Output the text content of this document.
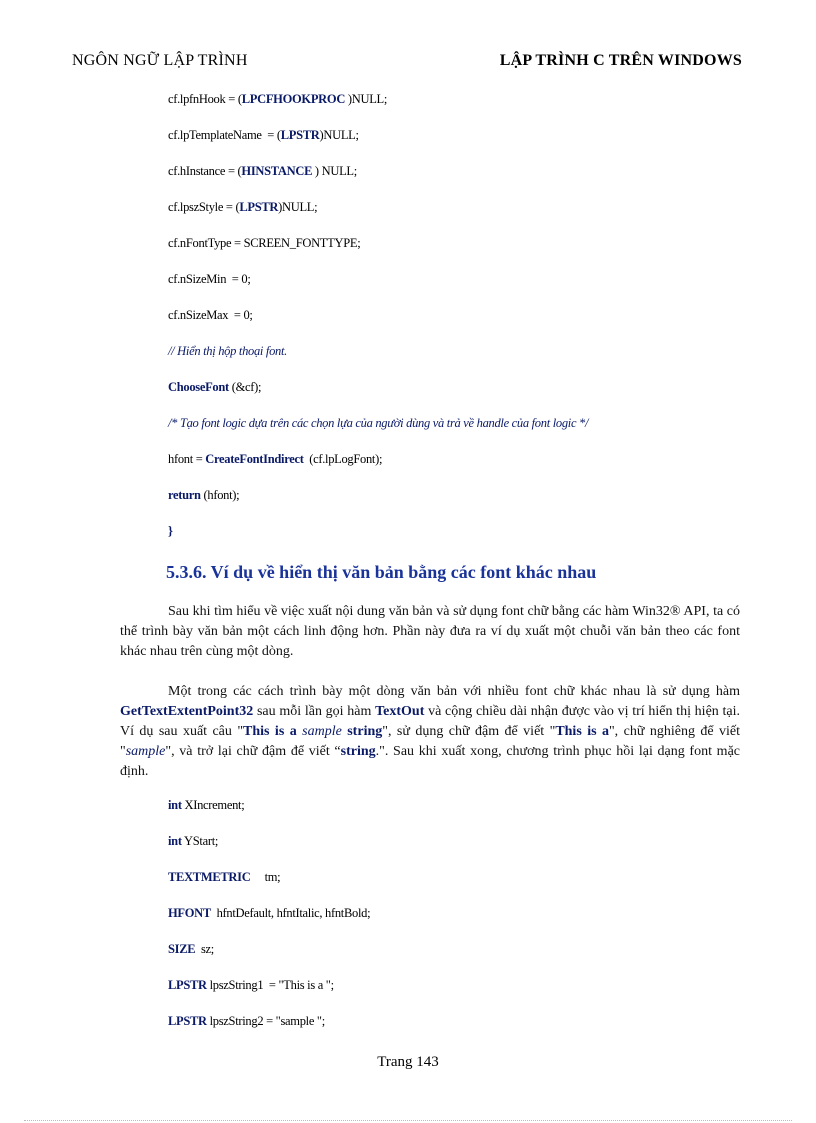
NGÔN NGỮ LẬP TRÌNH	LẬP TRÌNH C TRÊN WINDOWS
cf.lpfnHook = (LPCFHOOKPROC )NULL;
cf.lpTemplateName  = (LPSTR)NULL;
cf.hInstance = (HINSTANCE ) NULL;
cf.lpszStyle = (LPSTR)NULL;
cf.nFontType = SCREEN_FONTTYPE;
cf.nSizeMin  = 0;
cf.nSizeMax  = 0;
// Hiển thị hộp thoại font.
ChooseFont (&cf);
/* Tạo font logic dựa trên các chọn lựa của người dùng và trả về handle của font logic */
hfont = CreateFontIndirect  (cf.lpLogFont);
return (hfont);
}
5.3.6. Ví dụ về hiển thị văn bản bằng các font khác nhau
Sau khi tìm hiểu về việc xuất nội dung văn bản và sử dụng font chữ bằng các hàm Win32® API, ta có thể trình bày văn bản một cách linh động hơn. Phần này đưa ra ví dụ xuất một chuỗi văn bản theo các font khác nhau trên cùng một dòng.
Một trong các cách trình bày một dòng văn bản với nhiều font chữ khác nhau là sử dụng hàm GetTextExtentPoint32 sau mỗi lần gọi hàm TextOut và cộng chiều dài nhận được vào vị trí hiển thị hiện tại. Ví dụ sau xuất câu "This is a sample string", sử dụng chữ đậm để viết "This is a", chữ nghiêng để viết "sample", và trở lại chữ đậm để viết “string.". Sau khi xuất xong, chương trình phục hồi lại dạng font mặc định.
int XIncrement;
int YStart;
TEXTMETRIC     tm;
HFONT  hfntDefault, hfntItalic, hfntBold;
SIZE  sz;
LPSTR lpszString1  = "This is a ";
LPSTR lpszString2 = "sample ";
Trang 143
